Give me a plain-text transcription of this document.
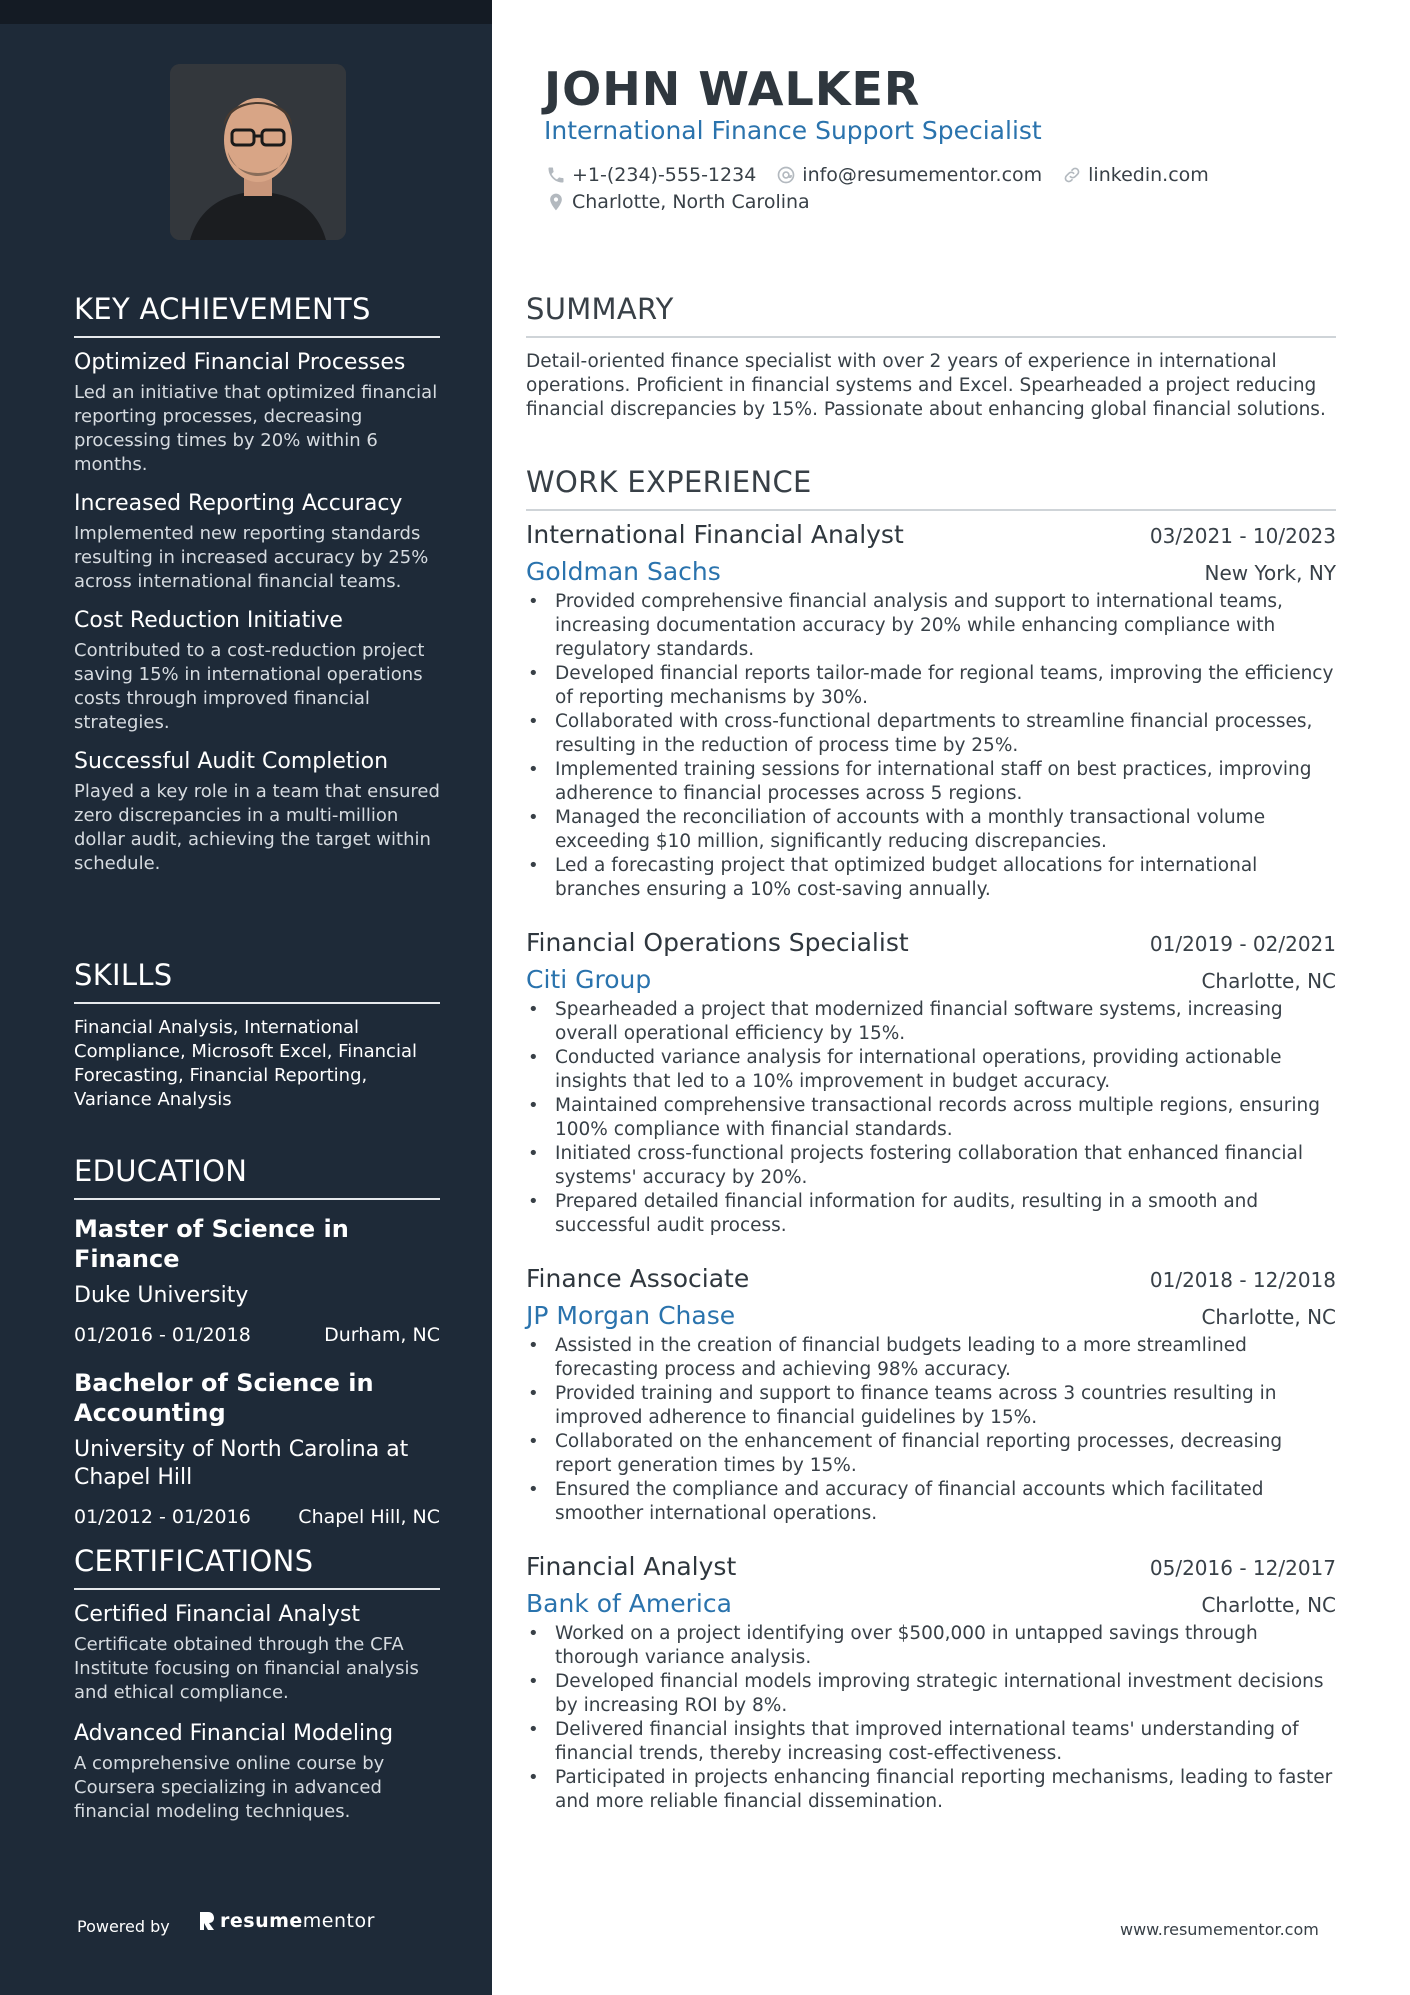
KEY ACHIEVEMENTS
Optimized Financial Processes
Led an initiative that optimized financial reporting processes, decreasing processing times by 20% within 6 months.
Increased Reporting Accuracy
Implemented new reporting standards resulting in increased accuracy by 25% across international financial teams.
Cost Reduction Initiative
Contributed to a cost-reduction project saving 15% in international operations costs through improved financial strategies.
Successful Audit Completion
Played a key role in a team that ensured zero discrepancies in a multi-million dollar audit, achieving the target within schedule.
SKILLS
Financial Analysis, International Compliance, Microsoft Excel, Financial Forecasting, Financial Reporting, Variance Analysis
EDUCATION
Master of Science in Finance
Duke University
01/2016 - 01/2018	Durham, NC
Bachelor of Science in Accounting
University of North Carolina at Chapel Hill
01/2012 - 01/2016 Chapel Hill, NC
CERTIFICATIONS
Certified Financial Analyst
Certificate obtained through the CFA Institute focusing on financial analysis and ethical compliance.
Advanced Financial Modeling
A comprehensive online course by Coursera specializing in advanced financial modeling techniques.
Powered by	resume mentor
JOHN WALKER
International Finance Support Specialist
+1-(234)-555-1234 info@resumementor.com linkedin.com
Charlotte, North Carolina
SUMMARY

Detail-oriented finance specialist with over 2 years of experience in international operations. Proficient in financial systems and Excel. Spearheaded a project reducing financial discrepancies by 15%. Passionate about enhancing global financial solutions.

WORK EXPERIENCE
International Financial Analyst	03/2021 - 10/2023
Goldman Sachs	New York, NY
• Provided comprehensive financial analysis and support to international teams, increasing documentation accuracy by 20% while enhancing compliance with regulatory standards.
• Developed financial reports tailor-made for regional teams, improving the efficiency of reporting mechanisms by 30%.
• Collaborated with cross-functional departments to streamline financial processes, resulting in the reduction of process time by 25%.
• Implemented training sessions for international staff on best practices, improving adherence to financial processes across 5 regions.
• Managed the reconciliation of accounts with a monthly transactional volume exceeding $10 million, significantly reducing discrepancies.
• Led a forecasting project that optimized budget allocations for international branches ensuring a 10% cost-saving annually.
Financial Operations Specialist	01/2019 - 02/2021
Citi Group	Charlotte, NC
• Spearheaded a project that modernized financial software systems, increasing overall operational efficiency by 15%.
• Conducted variance analysis for international operations, providing actionable insights that led to a 10% improvement in budget accuracy.
• Maintained comprehensive transactional records across multiple regions, ensuring 100% compliance with financial standards.
• Initiated cross-functional projects fostering collaboration that enhanced financial systems' accuracy by 20%.
• Prepared detailed financial information for audits, resulting in a smooth and successful audit process.
Finance Associate	01/2018 - 12/2018
JP Morgan Chase	Charlotte, NC
• Assisted in the creation of financial budgets leading to a more streamlined forecasting process and achieving 98% accuracy.
• Provided training and support to finance teams across 3 countries resulting in improved adherence to financial guidelines by 15%.
• Collaborated on the enhancement of financial reporting processes, decreasing report generation times by 15%.
• Ensured the compliance and accuracy of financial accounts which facilitated smoother international operations.
Financial Analyst	05/2016 - 12/2017
Bank of America	Charlotte, NC
• Worked on a project identifying over $500,000 in untapped savings through thorough variance analysis.
• Developed financial models improving strategic international investment decisions by increasing ROI by 8%.
• Delivered financial insights that improved international teams' understanding of financial trends, thereby increasing cost-effectiveness.
• Participated in projects enhancing financial reporting mechanisms, leading to faster and more reliable financial dissemination.
www.resumementor.com
